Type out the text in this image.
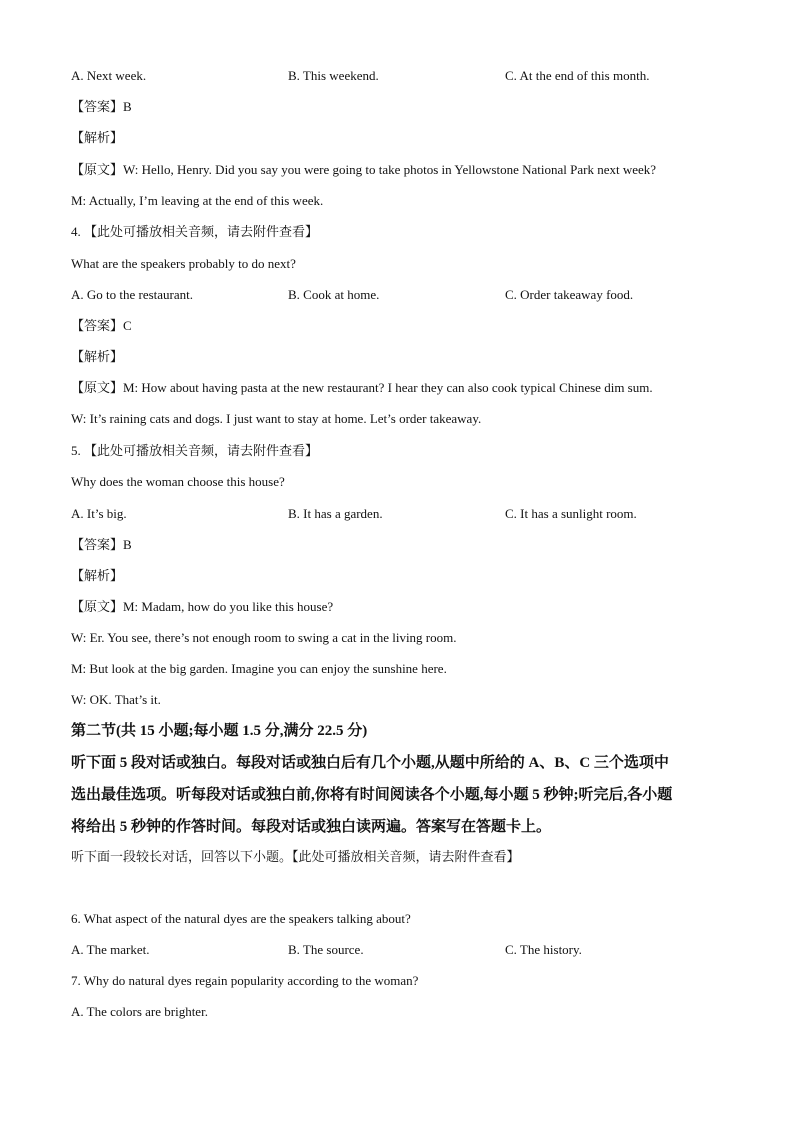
A. Next week.	B. This weekend.	C. At the end of this month.
【答案】B
【解析】
【原文】W: Hello, Henry. Did you say you were going to take photos in Yellowstone National Park next week?
M: Actually, I’m leaving at the end of this week.
4. 【此处可播放相关音频，请去附件查看】
What are the speakers probably to do next?
A. Go to the restaurant.	B. Cook at home.	C. Order takeaway food.
【答案】C
【解析】
【原文】M: How about having pasta at the new restaurant? I hear they can also cook typical Chinese dim sum.
W: It’s raining cats and dogs. I just want to stay at home. Let’s order takeaway.
5. 【此处可播放相关音频，请去附件查看】
Why does the woman choose this house?
A. It’s big.	B. It has a garden.	C. It has a sunlight room.
【答案】B
【解析】
【原文】M: Madam, how do you like this house?
W: Er. You see, there’s not enough room to swing a cat in the living room.
M: But look at the big garden. Imagine you can enjoy the sunshine here.
W: OK. That’s it.
第二节(共 15 小题;每小题 1.5 分,满分 22.5 分)
听下面 5 段对话或独白。每段对话或独白后有几个小题,从题中所给的 A、B、C 三个选项中
选出最佳选项。听每段对话或独白前,你将有时间阅读各个小题,每小题 5 秒钟;听完后,各小题
将给出 5 秒钟的作答时间。每段对话或独白读两遍。答案写在答题卡上。
听下面一段较长对话，回答以下小题。【此处可播放相关音频，请去附件查看】
6. What aspect of the natural dyes are the speakers talking about?
A. The market.	B. The source.	C. The history.
7. Why do natural dyes regain popularity according to the woman?
A. The colors are brighter.
